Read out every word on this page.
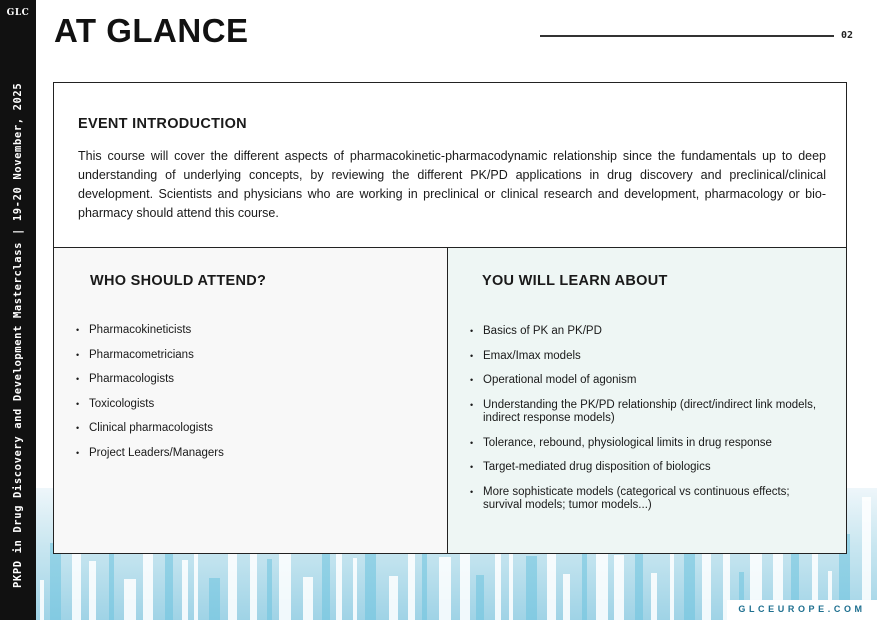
GLC
PKPD in Drug Discovery and Development Masterclass | 19-20 November, 2025
AT GLANCE	02
EVENT INTRODUCTION

This course will cover the different aspects of pharmacokinetic-pharmacodynamic relationship since the fundamentals up to deep understanding of underlying concepts, by reviewing the different PK/PD applications in drug discovery and preclinical/clinical development. Scientists and physicians who are working in preclinical or clinical research and development, pharmacology or bio-pharmacy should attend this course.

WHO SHOULD ATTEND?
• Pharmacokineticists
• Pharmacometricians
• Pharmacologists
• Toxicologists
• Clinical pharmacologists
• Project Leaders/Managers
YOU WILL LEARN ABOUT
• Basics of PK an PK/PD
• Emax/Imax models
• Operational model of agonism
• Understanding the PK/PD relationship (direct/indirect link models, indirect response models)
• Tolerance, rebound, physiological limits in drug response
• Target-mediated drug disposition of biologics
• More sophisticate models (categorical vs continuous effects; survival models; tumor models...)
GLCEUROPE.COM
